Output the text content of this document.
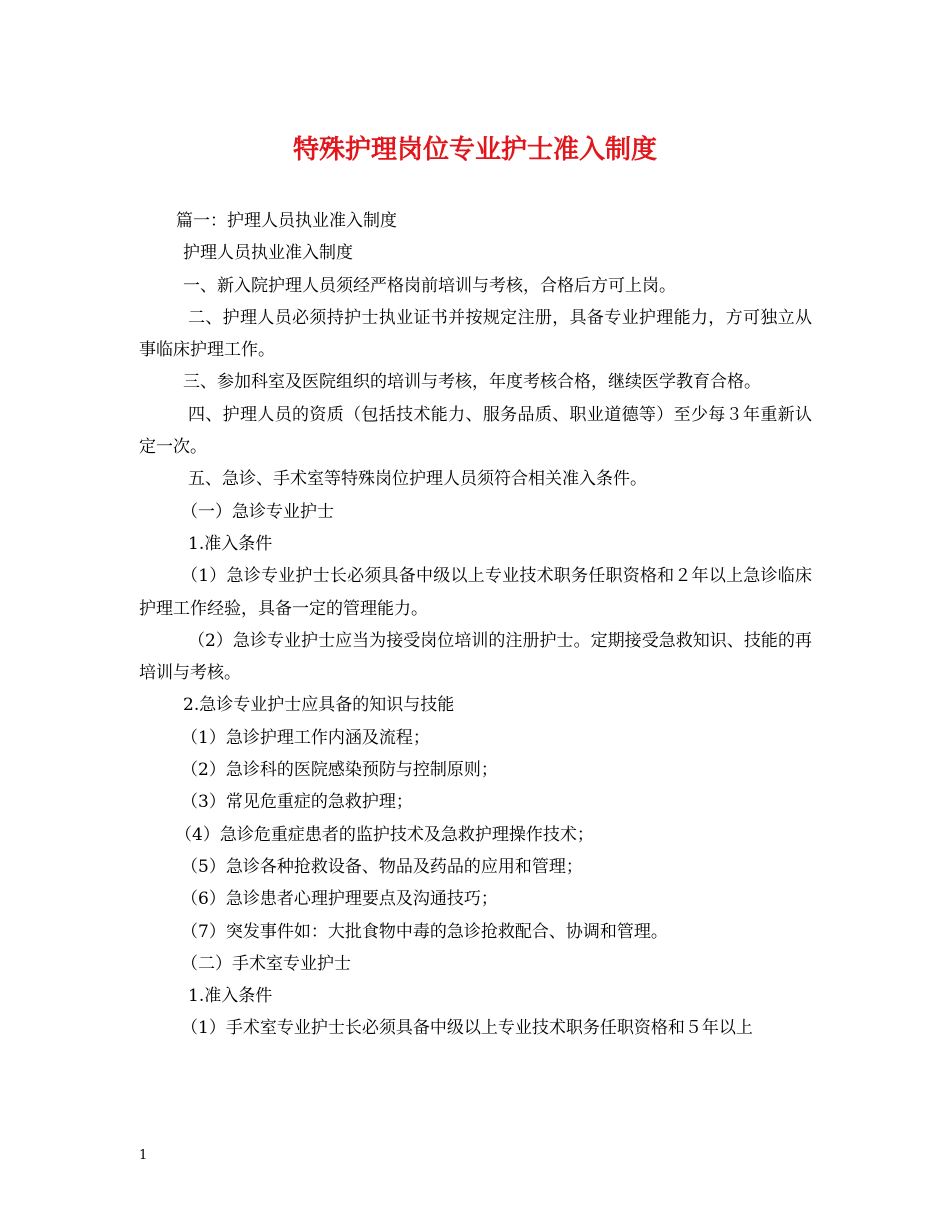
特殊护理岗位专业护士准入制度

篇一：护理人员执业准入制度

护理人员执业准入制度

一、新入院护理人员须经严格岗前培训与考核，合格后方可上岗。

二、护理人员必须持护士执业证书并按规定注册，具备专业护理能力，方可独立从事临床护理工作。

三、参加科室及医院组织的培训与考核，年度考核合格，继续医学教育合格。

四、护理人员的资质（包括技术能力、服务品质、职业道德等）至少每３年重新认定一次。

五、急诊、手术室等特殊岗位护理人员须符合相关准入条件。

（一）急诊专业护士

1.准入条件

（1）急诊专业护士长必须具备中级以上专业技术职务任职资格和２年以上急诊临床护理工作经验，具备一定的管理能力。

（2）急诊专业护士应当为接受岗位培训的注册护士。定期接受急救知识、技能的再培训与考核。

2.急诊专业护士应具备的知识与技能

（1）急诊护理工作内涵及流程；

（2）急诊科的医院感染预防与控制原则；

（3）常见危重症的急救护理；

（4）急诊危重症患者的监护技术及急救护理操作技术；

（5）急诊各种抢救设备、物品及药品的应用和管理；

（6）急诊患者心理护理要点及沟通技巧；

（7）突发事件如：大批食物中毒的急诊抢救配合、协调和管理。

（二）手术室专业护士

1.准入条件

（1）手术室专业护士长必须具备中级以上专业技术职务任职资格和５年以上

1
